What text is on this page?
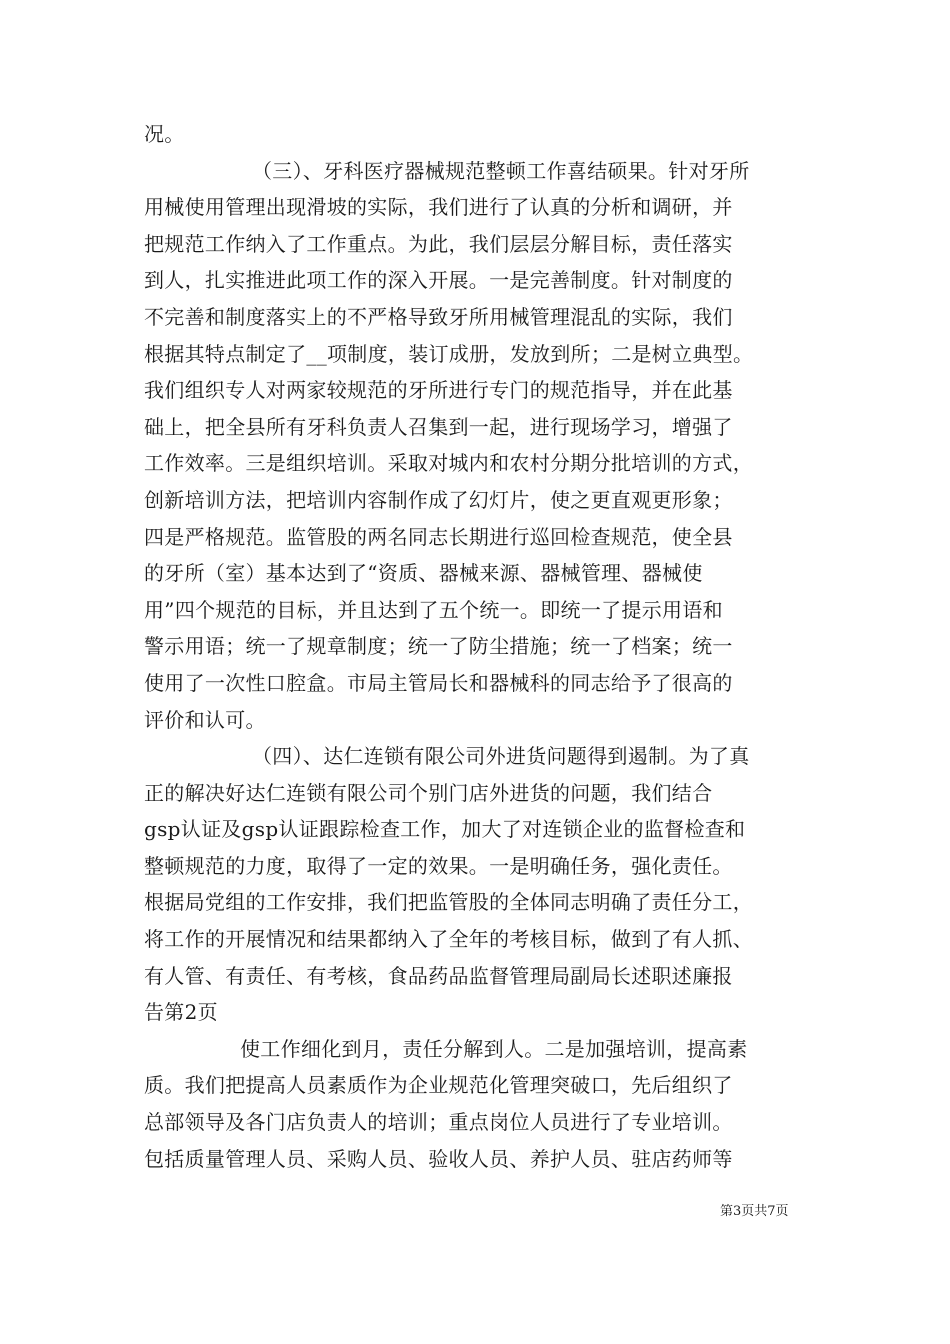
况。
（三）、牙科医疗器械规范整顿工作喜结硕果。针对牙所
用械使用管理出现滑坡的实际，我们进行了认真的分析和调研，并
把规范工作纳入了工作重点。为此，我们层层分解目标，责任落实
到人，扎实推进此项工作的深入开展。一是完善制度。针对制度的
不完善和制度落实上的不严格导致牙所用械管理混乱的实际，我们
根据其特点制定了__项制度，装订成册，发放到所；二是树立典型。
我们组织专人对两家较规范的牙所进行专门的规范指导，并在此基
础上，把全县所有牙科负责人召集到一起，进行现场学习，增强了
工作效率。三是组织培训。采取对城内和农村分期分批培训的方式，
创新培训方法，把培训内容制作成了幻灯片，使之更直观更形象；
四是严格规范。监管股的两名同志长期进行巡回检查规范，使全县
的牙所（室）基本达到了“资质、器械来源、器械管理、器械使
用”四个规范的目标，并且达到了五个统一。即统一了提示用语和
警示用语；统一了规章制度；统一了防尘措施；统一了档案；统一
使用了一次性口腔盒。市局主管局长和器械科的同志给予了很高的
评价和认可。
（四）、达仁连锁有限公司外进货问题得到遏制。为了真
正的解决好达仁连锁有限公司个别门店外进货的问题，我们结合
gsp认证及gsp认证跟踪检查工作，加大了对连锁企业的监督检查和
整顿规范的力度，取得了一定的效果。一是明确任务，强化责任。
根据局党组的工作安排，我们把监管股的全体同志明确了责任分工，
将工作的开展情况和结果都纳入了全年的考核目标，做到了有人抓、
有人管、有责任、有考核，食品药品监督管理局副局长述职述廉报
告第2页
使工作细化到月，责任分解到人。二是加强培训，提高素
质。我们把提高人员素质作为企业规范化管理突破口，先后组织了
总部领导及各门店负责人的培训；重点岗位人员进行了专业培训。
包括质量管理人员、采购人员、验收人员、养护人员、驻店药师等
第3页共7页
